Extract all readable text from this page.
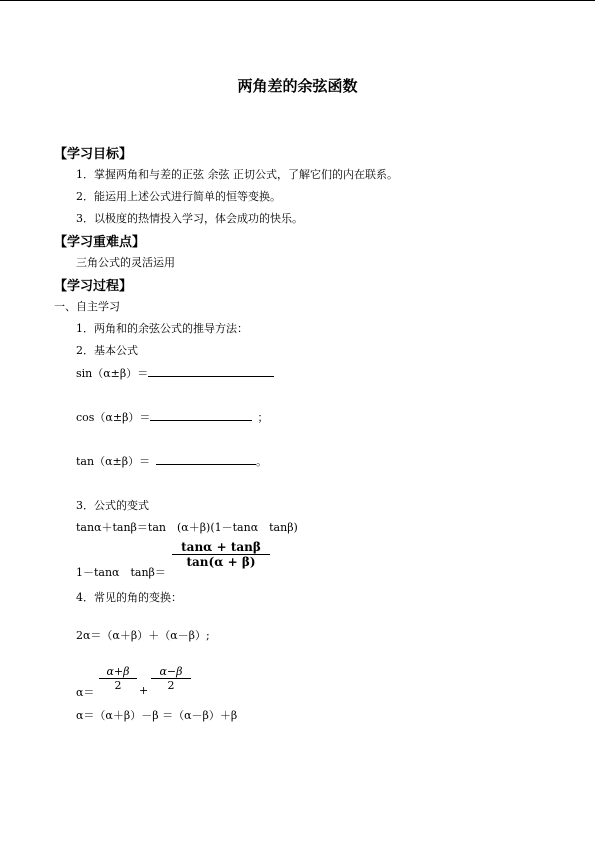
两角差的余弦函数
【学习目标】
1．掌握两角和与差的正弦 余弦 正切公式，了解它们的内在联系。
2．能运用上述公式进行简单的恒等变换。
3．以极度的热情投入学习，体会成功的快乐。
【学习重难点】
三角公式的灵活运用
【学习过程】
一、自主学习
1．两角和的余弦公式的推导方法：
2．基本公式
sin（α±β）＝
cos（α±β）＝	；
tan（α±β）＝	。
3．公式的变式
tanα＋tanβ＝tan　(α＋β)(1－tanα　tanβ)
1－tanα　tanβ＝
tanα + tanβ
tan(α + β)
4．常见的角的变换：
2α＝（α＋β）＋（α－β）;
α＝
α+β
2	+
α−β
2
α＝（α＋β）－β ＝（α－β）＋β
